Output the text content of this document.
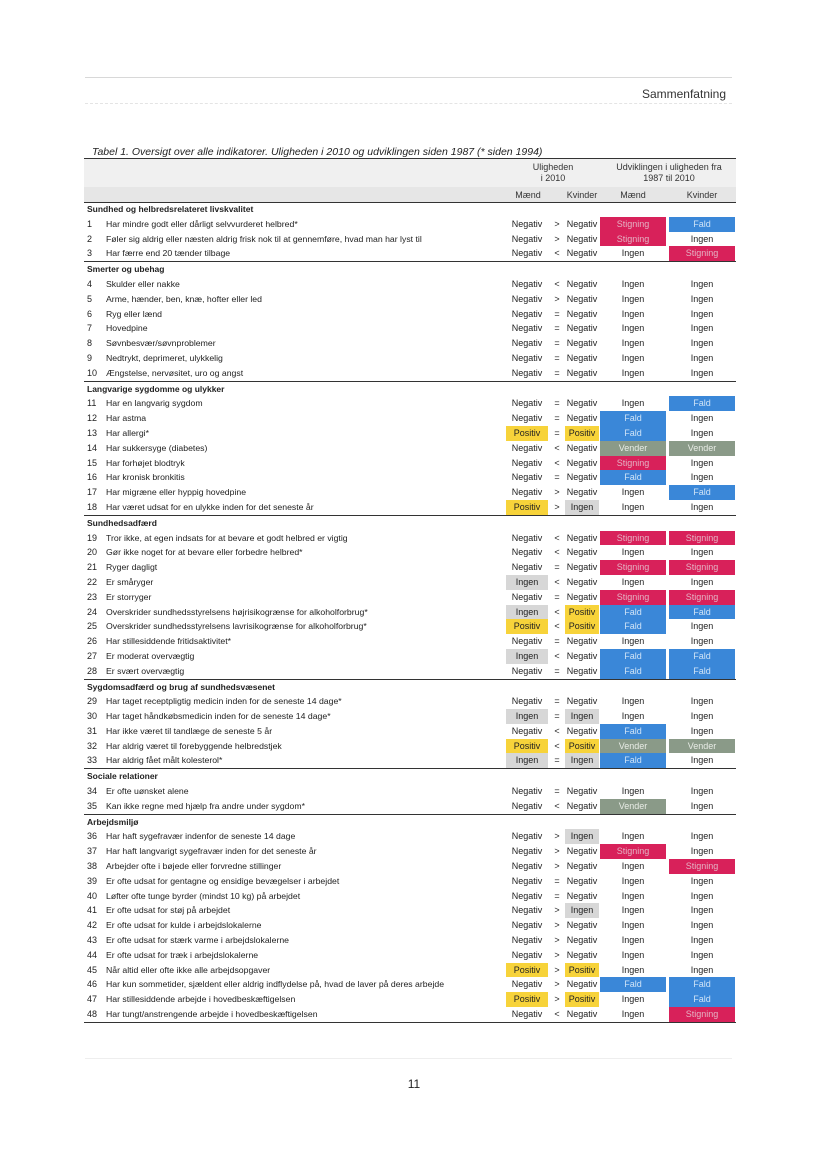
Sammenfatning
Tabel 1. Oversigt over alle indikatorer. Uligheden i 2010 og udviklingen siden 1987 (* siden 1994)
Uligheden
i 2010
Udviklingen i uligheden fra
1987 til 2010
Mænd	Kvinder	Mænd	Kvinder
Sundhed og helbredsrelateret livskvalitet
1	Har mindre godt eller dårligt selvvurderet helbred*	Negativ	> Negativ	Stigning	Fald
2	Føler sig aldrig eller næsten aldrig frisk nok til at gennemføre, hvad man har lyst til	Negativ	> Negativ	Stigning	Ingen
3	Har færre end 20 tænder tilbage	Negativ	< Negativ	Ingen	Stigning
Smerter og ubehag
4	Skulder eller nakke	Negativ	< Negativ	Ingen	Ingen
5	Arme, hænder, ben, knæ, hofter eller led	Negativ	> Negativ	Ingen	Ingen
6	Ryg eller lænd	Negativ	= Negativ	Ingen	Ingen
7	Hovedpine	Negativ	= Negativ	Ingen	Ingen
8	Søvnbesvær/søvnproblemer	Negativ	= Negativ	Ingen	Ingen
9	Nedtrykt, deprimeret, ulykkelig	Negativ	= Negativ	Ingen	Ingen
10	Ængstelse, nervøsitet, uro og angst	Negativ	= Negativ	Ingen	Ingen
Langvarige sygdomme og ulykker
11	Har en langvarig sygdom	Negativ	= Negativ	Ingen	Fald
12	Har astma	Negativ	= Negativ	Fald	Ingen
13	Har allergi*	Positiv	=	Positiv	Fald	Ingen
14	Har sukkersyge (diabetes)	Negativ	< Negativ	Vender	Vender
15	Har forhøjet blodtryk	Negativ	< Negativ	Stigning	Ingen
16	Har kronisk bronkitis	Negativ	= Negativ	Fald	Ingen
17	Har migræne eller hyppig hovedpine	Negativ	> Negativ	Ingen	Fald
18	Har været udsat for en ulykke inden for det seneste år	Positiv	>	Ingen	Ingen	Ingen
Sundhedsadfærd
19	Tror ikke, at egen indsats for at bevare et godt helbred er vigtig	Negativ	< Negativ	Stigning	Stigning
20	Gør ikke noget for at bevare eller forbedre helbred*	Negativ	< Negativ	Ingen	Ingen
21	Ryger dagligt	Negativ	= Negativ	Stigning	Stigning
22	Er småryger	Ingen	< Negativ	Ingen	Ingen
23	Er storryger	Negativ	= Negativ	Stigning	Stigning
24	Overskrider sundhedsstyrelsens højrisikogrænse for alkoholforbrug*	Ingen	<	Positiv	Fald	Fald
25	Overskrider sundhedsstyrelsens lavrisikogrænse for alkoholforbrug*	Positiv	<	Positiv	Fald	Ingen
26	Har stillesiddende fritidsaktivitet*	Negativ	= Negativ	Ingen	Ingen
27	Er moderat overvægtig	Ingen	< Negativ	Fald	Fald
28	Er svært overvægtig	Negativ	= Negativ	Fald	Fald
Sygdomsadfærd og brug af sundhedsvæsenet
29	Har taget receptpligtig medicin inden for de seneste 14 dage*	Negativ	= Negativ	Ingen	Ingen
30	Har taget håndkøbsmedicin inden for de seneste 14 dage*	Ingen	=	Ingen	Ingen	Ingen
31	Har ikke været til tandlæge de seneste 5 år	Negativ	< Negativ	Fald	Ingen
32	Har aldrig været til forebyggende helbredstjek	Positiv	<	Positiv	Vender	Vender
33	Har aldrig fået målt kolesterol*	Ingen	=	Ingen	Fald	Ingen
Sociale relationer
34	Er ofte uønsket alene	Negativ	= Negativ	Ingen	Ingen
35	Kan ikke regne med hjælp fra andre under sygdom*	Negativ	< Negativ	Vender	Ingen
Arbejdsmiljø
36	Har haft sygefravær indenfor de seneste 14 dage	Negativ	>	Ingen	Ingen	Ingen
37	Har haft langvarigt sygefravær inden for det seneste år	Negativ	> Negativ	Stigning	Ingen
38	Arbejder ofte i bøjede eller forvredne stillinger	Negativ	> Negativ	Ingen	Stigning
39	Er ofte udsat for gentagne og ensidige bevægelser i arbejdet	Negativ	= Negativ	Ingen	Ingen
40	Løfter ofte tunge byrder (mindst 10 kg) på arbejdet	Negativ	= Negativ	Ingen	Ingen
41	Er ofte udsat for støj på arbejdet	Negativ	>	Ingen	Ingen	Ingen
42	Er ofte udsat for kulde i arbejdslokalerne	Negativ	> Negativ	Ingen	Ingen
43	Er ofte udsat for stærk varme i arbejdslokalerne	Negativ	> Negativ	Ingen	Ingen
44	Er ofte udsat for træk i arbejdslokalerne	Negativ	> Negativ	Ingen	Ingen
45	Når altid eller ofte ikke alle arbejdsopgaver	Positiv	>	Positiv	Ingen	Ingen
46	Har kun sommetider, sjældent eller aldrig indflydelse på, hvad de laver på deres arbejde	Negativ	> Negativ	Fald	Fald
47	Har stillesiddende arbejde i hovedbeskæftigelsen	Positiv	>	Positiv	Ingen	Fald
48	Har tungt/anstrengende arbejde i hovedbeskæftigelsen	Negativ	< Negativ	Ingen	Stigning
11
